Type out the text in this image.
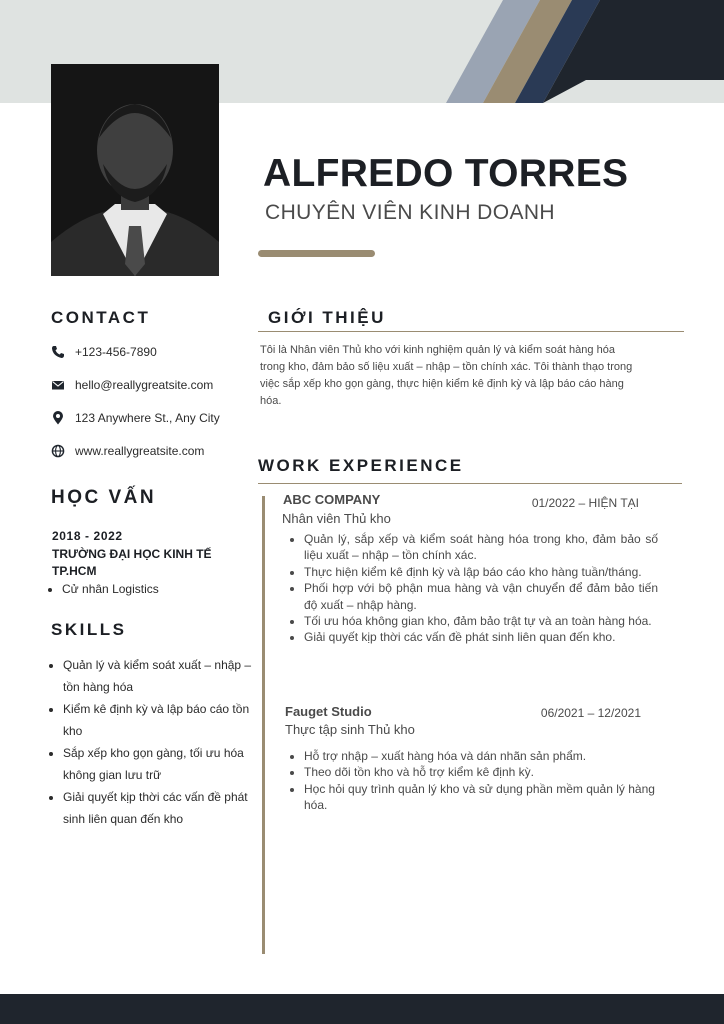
ALFREDO TORRES

CHUYÊN VIÊN KINH DOANH

CONTACT
+123-456-7890
hello@reallygreatsite.com
123 Anywhere St., Any City
www.reallygreatsite.com
HỌC VẤN

2018 - 2022

TRƯỜNG ĐẠI HỌC KINH TẾ TP.HCM

• Cử nhân Logistics
SKILLS
• Quản lý và kiểm soát xuất – nhập – tồn hàng hóa
• Kiểm kê định kỳ và lập báo cáo tồn kho
• Sắp xếp kho gọn gàng, tối ưu hóa không gian lưu trữ
• Giải quyết kịp thời các vấn đề phát sinh liên quan đến kho
GIỚI THIỆU

Tôi là Nhân viên Thủ kho với kinh nghiệm quản lý và kiểm soát hàng hóa trong kho, đảm bảo số liệu xuất – nhập – tồn chính xác. Tôi thành thạo trong việc sắp xếp kho gọn gàng, thực hiện kiểm kê định kỳ và lập báo cáo hàng hóa.

WORK EXPERIENCE

ABC COMPANY	01/2022 – HIỆN TẠI

Nhân viên Thủ kho

• Quản lý, sắp xếp và kiểm soát hàng hóa trong kho, đảm bảo số liệu xuất – nhập – tồn chính xác.
• Thực hiện kiểm kê định kỳ và lập báo cáo kho hàng tuần/tháng.
• Phối hợp với bộ phận mua hàng và vận chuyển để đảm bảo tiến độ xuất – nhập hàng.
• Tối ưu hóa không gian kho, đảm bảo trật tự và an toàn hàng hóa.
• Giải quyết kịp thời các vấn đề phát sinh liên quan đến kho.

Fauget Studio	06/2021 – 12/2021

Thực tập sinh Thủ kho

• Hỗ trợ nhập – xuất hàng hóa và dán nhãn sản phẩm.
• Theo dõi tồn kho và hỗ trợ kiểm kê định kỳ.
• Học hỏi quy trình quản lý kho và sử dụng phần mềm quản lý hàng hóa.
